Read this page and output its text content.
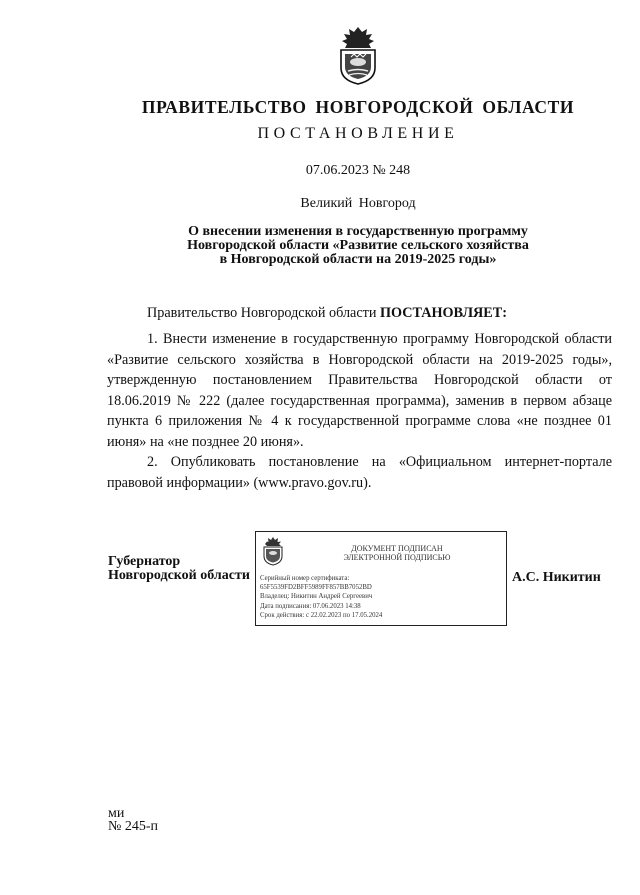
ПРАВИТЕЛЬСТВО НОВГОРОДСКОЙ ОБЛАСТИ
ПОСТАНОВЛЕНИЕ
07.06.2023 № 248
Великий Новгород
О внесении изменения в государственную программу
Новгородской области «Развитие сельского хозяйства
в Новгородской области на 2019-2025 годы»
Правительство Новгородской области ПОСТАНОВЛЯЕТ:

1. Внести изменение в государственную программу Новгородской области «Развитие сельского хозяйства в Новгородской области на 2019-2025 годы», утвержденную постановлением Правительства Новгородской области от 18.06.2019 № 222 (далее государственная программа), заменив в первом абзаце пункта 6 приложения № 4 к государственной программе слова «не позднее 01 июня» на «не позднее 20 июня».

2. Опубликовать постановление на «Официальном интернет-портале правовой информации» (www.pravo.gov.ru).

Губернатор
Новгородской области
ДОКУМЕНТ ПОДПИСАН
ЭЛЕКТРОННОЙ ПОДПИСЬЮ
Серийный номер сертификата:
65F5539FD2BFF5989FF857BB7052BD
Владелец: Никитин Андрей Сергеевич
Дата подписания: 07.06.2023 14:38
Срок действия: с 22.02.2023 по 17.05.2024
А.С. Никитин
ми
№ 245-п
